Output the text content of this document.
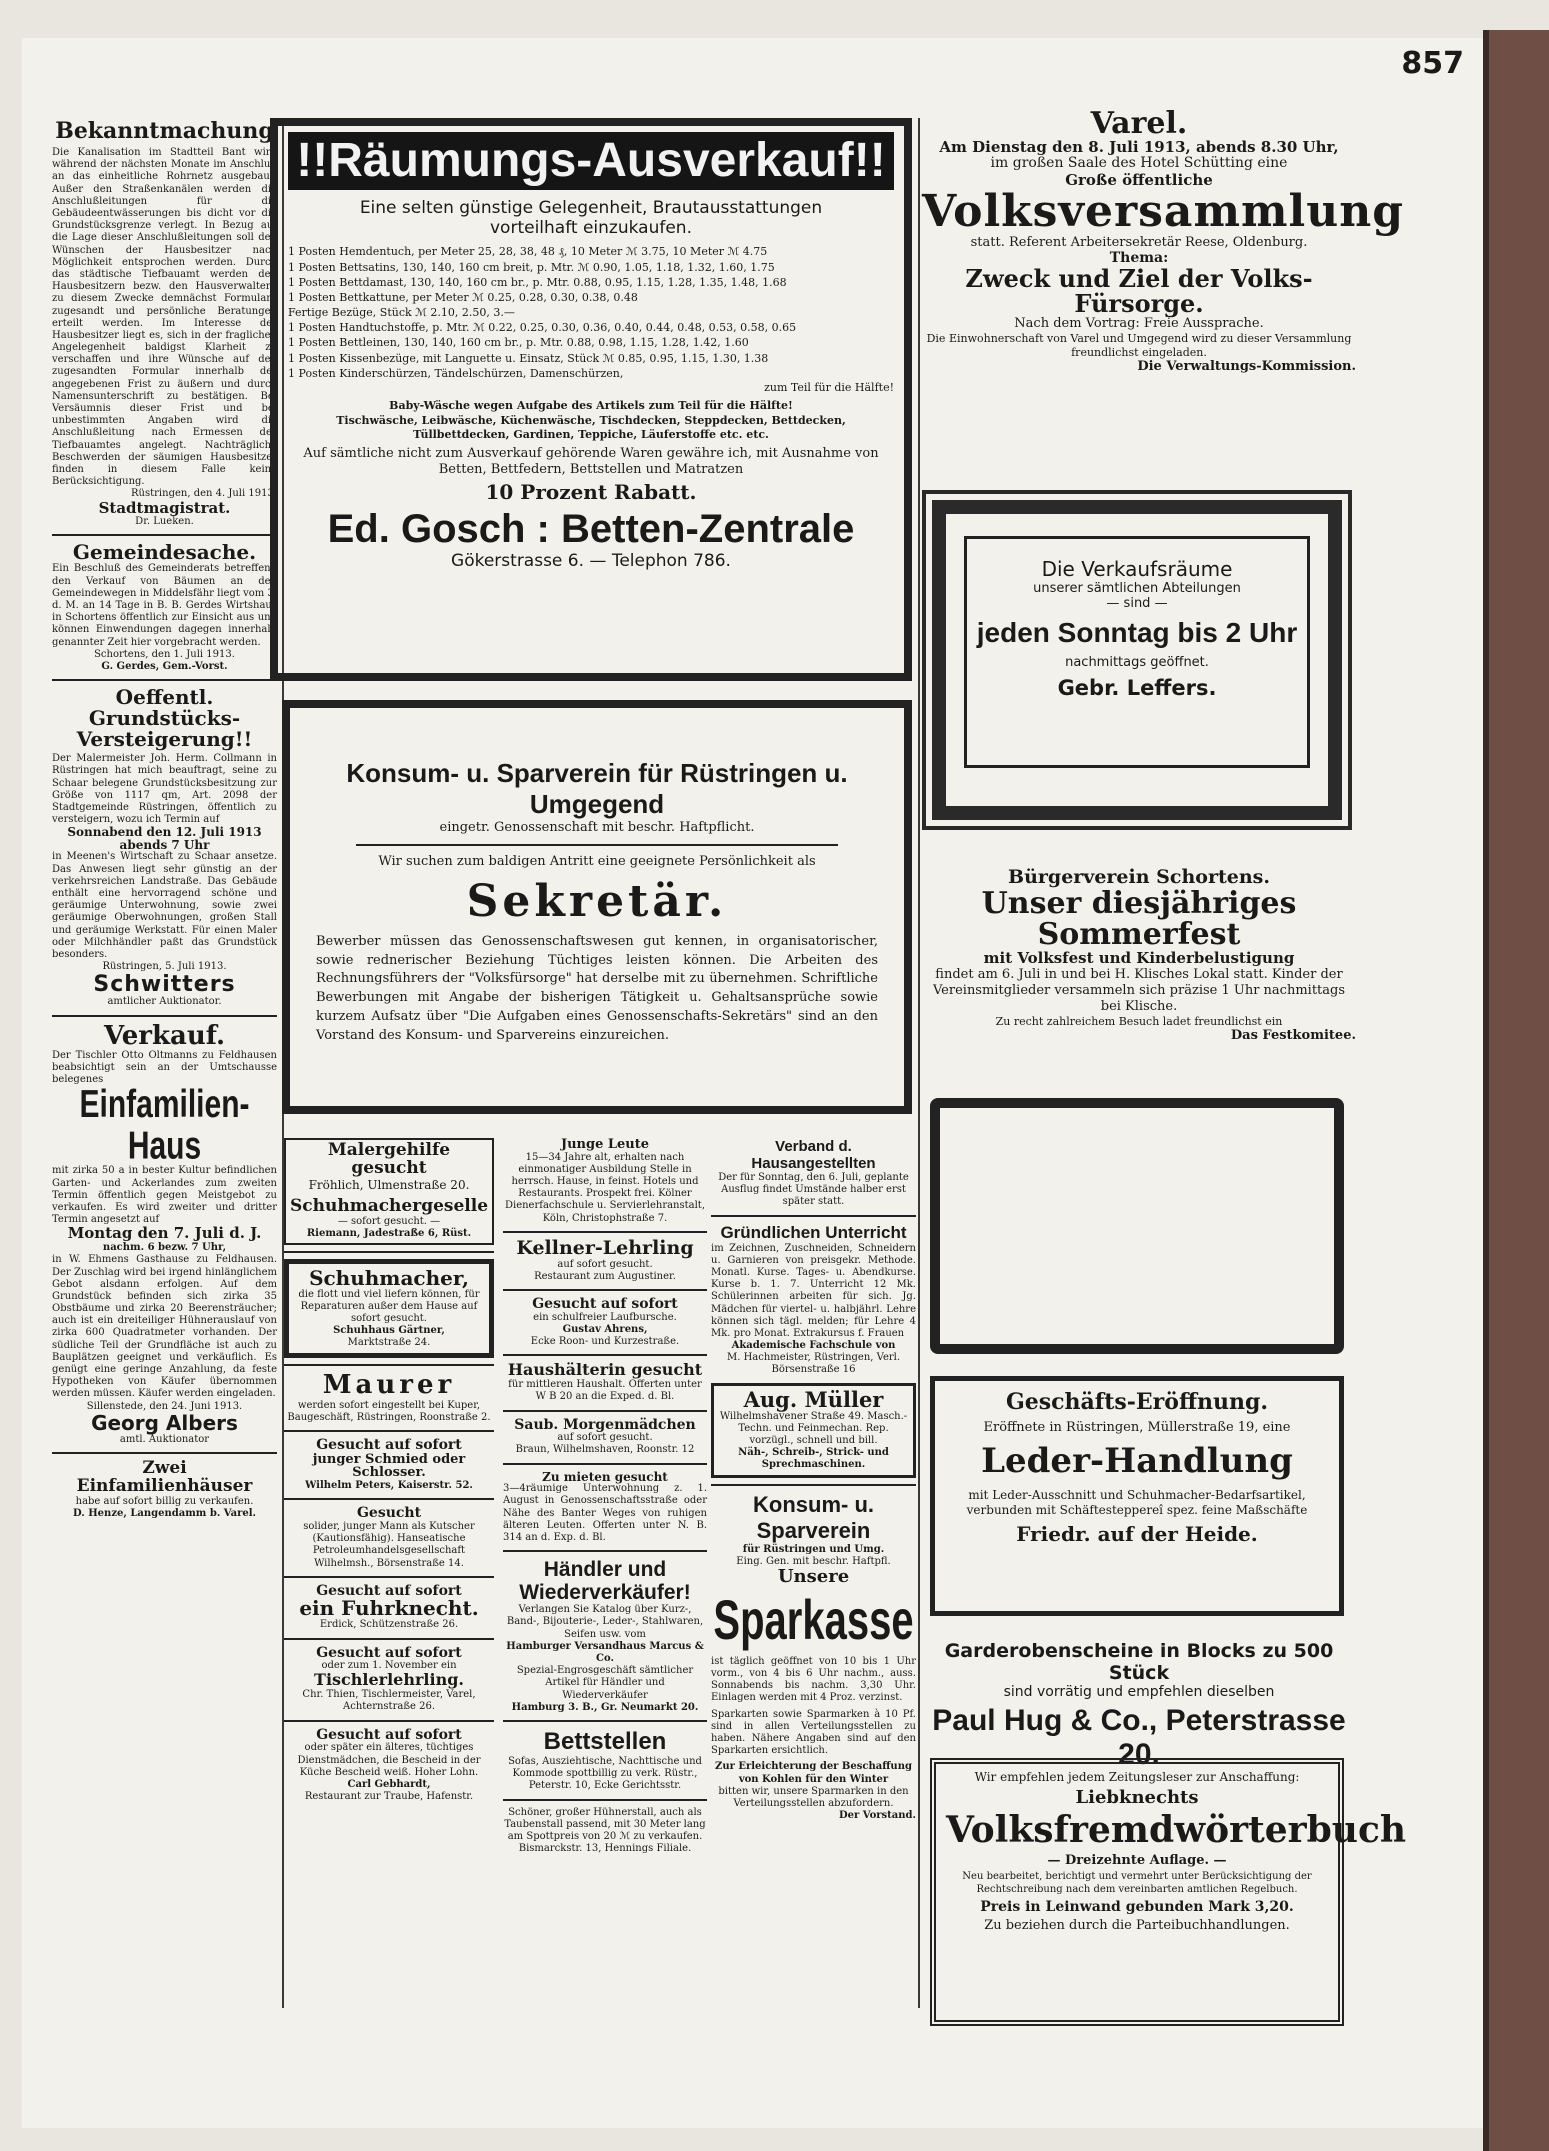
857
Bekanntmachung
Die Kanalisation im Stadtteil Bant wird während der nächsten Monate im Anschluß an das einheitliche Rohrnetz ausgebaut. Außer den Straßenkanälen werden die Anschlußleitungen für die Gebäudeentwässerungen bis dicht vor die Grundstücksgrenze verlegt. In Bezug auf die Lage dieser Anschlußleitungen soll den Wünschen der Hausbesitzer nach Möglichkeit entsprochen werden. Durch das städtische Tiefbauamt werden den Hausbesitzern bezw. den Hausverwaltern zu diesem Zwecke demnächst Formulare zugesandt und persönliche Beratungen erteilt werden. Im Interesse der Hausbesitzer liegt es, sich in der fraglichen Angelegenheit baldigst Klarheit zu verschaffen und ihre Wünsche auf den zugesandten Formular innerhalb der angegebenen Frist zu äußern und durch Namensunterschrift zu bestätigen. Bei Versäumnis dieser Frist und bei unbestimmten Angaben wird die Anschlußleitung nach Ermessen des Tiefbauamtes angelegt. Nachträgliche Beschwerden der säumigen Hausbesitzer finden in diesem Falle keine Berücksichtigung.
Rüstringen, den 4. Juli 1913.
Stadtmagistrat.
Dr. Lueken.
Gemeindesache.
Ein Beschluß des Gemeinderats betreffend den Verkauf von Bäumen an den Gemeindewegen in Middelsfähr liegt vom 3. d. M. an 14 Tage in B. B. Gerdes Wirtshaus in Schortens öffentlich zur Einsicht aus und können Einwendungen dagegen innerhalb genannter Zeit hier vorgebracht werden.
Schortens, den 1. Juli 1913.
G. Gerdes, Gem.-Vorst.
Oeffentl. Grundstücks-Versteigerung!!
Der Malermeister Joh. Herm. Collmann in Rüstringen hat mich beauftragt, seine zu Schaar belegene Grundstücksbesitzung zur Größe von 1117 qm, Art. 2098 der Stadtgemeinde Rüstringen, öffentlich zu versteigern, wozu ich Termin auf
Sonnabend den 12. Juli 1913 abends 7 Uhr
in Meenen's Wirtschaft zu Schaar ansetze. Das Anwesen liegt sehr günstig an der verkehrsreichen Landstraße. Das Gebäude enthält eine hervorragend schöne und geräumige Unterwohnung, sowie zwei geräumige Oberwohnungen, großen Stall und geräumige Werkstatt. Für einen Maler oder Milchhändler paßt das Grundstück besonders.
Rüstringen, 5. Juli 1913.
Schwitters
amtlicher Auktionator.
Verkauf.
Der Tischler Otto Oltmanns zu Feldhausen beabsichtigt sein an der Umtschausse belegenes
Einfamilien-Haus
mit zirka 50 a in bester Kultur befindlichen Garten- und Ackerlandes zum zweiten Termin öffentlich gegen Meistgebot zu verkaufen. Es wird zweiter und dritter Termin angesetzt auf
Montag den 7. Juli d. J.
nachm. 6 bezw. 7 Uhr,
in W. Ehmens Gasthause zu Feldhausen. Der Zuschlag wird bei irgend hinlänglichem Gebot alsdann erfolgen. Auf dem Grundstück befinden sich zirka 35 Obstbäume und zirka 20 Beerensträucher; auch ist ein dreiteiliger Hühnerauslauf von zirka 600 Quadratmeter vorhanden. Der südliche Teil der Grundfläche ist auch zu Bauplätzen geeignet und verkäuflich. Es genügt eine geringe Anzahlung, da feste Hypotheken von Käufer übernommen werden müssen. Käufer werden eingeladen.
Sillenstede, den 24. Juni 1913.
Georg Albers
amtl. Auktionator
Zwei Einfamilienhäuser
habe auf sofort billig zu verkaufen.
D. Henze, Langendamm b. Varel.
!!Räumungs-Ausverkauf!!
Eine selten günstige Gelegenheit, Brautausstattungen vorteilhaft einzukaufen.
1 Posten Hemdentuch, per Meter 25, 28, 38, 48 ₰, 10 Meter ℳ 3.75, 10 Meter ℳ 4.75
1 Posten Bettsatins, 130, 140, 160 cm breit, p. Mtr. ℳ 0.90, 1.05, 1.18, 1.32, 1.60, 1.75
1 Posten Bettdamast, 130, 140, 160 cm br., p. Mtr. 0.88, 0.95, 1.15, 1.28, 1.35, 1.48, 1.68
1 Posten Bettkattune, per Meter ℳ 0.25, 0.28, 0.30, 0.38, 0.48
Fertige Bezüge, Stück ℳ 2.10, 2.50, 3.—
1 Posten Handtuchstoffe, p. Mtr. ℳ 0.22, 0.25, 0.30, 0.36, 0.40, 0.44, 0.48, 0.53, 0.58, 0.65
1 Posten Bettleinen, 130, 140, 160 cm br., p. Mtr. 0.88, 0.98, 1.15, 1.28, 1.42, 1.60
1 Posten Kissenbezüge, mit Languette u. Einsatz, Stück ℳ 0.85, 0.95, 1.15, 1.30, 1.38
1 Posten Kinderschürzen, Tändelschürzen, Damenschürzen,
zum Teil für die Hälfte!
Baby-Wäsche wegen Aufgabe des Artikels zum Teil für die Hälfte!
Tischwäsche, Leibwäsche, Küchenwäsche, Tischdecken, Steppdecken, Bettdecken, Tüllbettdecken, Gardinen, Teppiche, Läuferstoffe etc. etc.
Auf sämtliche nicht zum Ausverkauf gehörende Waren gewähre ich, mit Ausnahme von Betten, Bettfedern, Bettstellen und Matratzen
10 Prozent Rabatt.
Ed. Gosch : Betten-Zentrale
Gökerstrasse 6. — Telephon 786.
Konsum- u. Sparverein für Rüstringen u. Umgegend
eingetr. Genossenschaft mit beschr. Haftpflicht.
Wir suchen zum baldigen Antritt eine geeignete Persönlichkeit als
Sekretär.
Bewerber müssen das Genossenschaftswesen gut kennen, in organisatorischer, sowie rednerischer Beziehung Tüchtiges leisten können. Die Arbeiten des Rechnungsführers der "Volksfürsorge" hat derselbe mit zu übernehmen. Schriftliche Bewerbungen mit Angabe der bisherigen Tätigkeit u. Gehaltsansprüche sowie kurzem Aufsatz über "Die Aufgaben eines Genossenschafts-Sekretärs" sind an den Vorstand des Konsum- und Sparvereins einzureichen.
Malergehilfe gesucht
Fröhlich, Ulmenstraße 20.
Schuhmachergeselle
— sofort gesucht. —
Riemann, Jadestraße 6, Rüst.
Schuhmacher,
die flott und viel liefern können, für Reparaturen außer dem Hause auf sofort gesucht.
Schuhhaus Gärtner,
Marktstraße 24.
Maurer
werden sofort eingestellt bei Kuper, Baugeschäft, Rüstringen, Roonstraße 2.
Gesucht auf sofort
junger Schmied oder Schlosser.
Wilhelm Peters, Kaiserstr. 52.
Gesucht
solider, junger Mann als Kutscher (Kautionsfähig). Hanseatische Petroleumhandelsgesellschaft Wilhelmsh., Börsenstraße 14.
Gesucht auf sofort
ein Fuhrknecht.
Erdick, Schützenstraße 26.
Gesucht auf sofort
oder zum 1. November ein
Tischlerlehrling.
Chr. Thien, Tischlermeister, Varel, Achternstraße 26.
Gesucht auf sofort
oder später ein älteres, tüchtiges Dienstmädchen, die Bescheid in der Küche Bescheid weiß. Hoher Lohn.
Carl Gebhardt,
Restaurant zur Traube, Hafenstr.
Junge Leute
15—34 Jahre alt, erhalten nach einmonatiger Ausbildung Stelle in herrsch. Hause, in feinst. Hotels und Restaurants. Prospekt frei. Kölner Dienerfachschule u. Servierlehranstalt, Köln, Christophstraße 7.
Kellner-Lehrling
auf sofort gesucht.
Restaurant zum Augustiner.
Gesucht auf sofort
ein schulfreier Laufbursche.
Gustav Ahrens,
Ecke Roon- und Kurzestraße.
Haushälterin gesucht
für mittleren Haushalt. Offerten unter W B 20 an die Exped. d. Bl.
Saub. Morgenmädchen
auf sofort gesucht.
Braun, Wilhelmshaven, Roonstr. 12
Zu mieten gesucht
3—4räumige Unterwohnung z. 1. August in Genossenschaftsstraße oder Nähe des Banter Weges von ruhigen älteren Leuten. Offerten unter N. B. 314 an d. Exp. d. Bl.
Händler und Wiederverkäufer!
Verlangen Sie Katalog über Kurz-, Band-, Bijouterie-, Leder-, Stahlwaren, Seifen usw. vom
Hamburger Versandhaus Marcus & Co.
Spezial-Engrosgeschäft sämtlicher Artikel für Händler und Wiederverkäufer
Hamburg 3. B., Gr. Neumarkt 20.
Bettstellen
Sofas, Ausziehtische, Nachttische und Kommode spottbillig zu verk. Rüstr., Peterstr. 10, Ecke Gerichtsstr.
Schöner, großer Hühnerstall, auch als Taubenstall passend, mit 30 Meter lang am Spottpreis von 20 ℳ zu verkaufen. Bismarckstr. 13, Hennings Filiale.
Verband d. Hausangestellten
Der für Sonntag, den 6. Juli, geplante Ausflug findet Umstände halber erst später statt.
Gründlichen Unterricht
im Zeichnen, Zuschneiden, Schneidern u. Garnieren von preisgekr. Methode. Monatl. Kurse. Tages- u. Abendkurse. Kurse b. 1. 7. Unterricht 12 Mk. Schülerinnen arbeiten für sich. Jg. Mädchen für viertel- u. halbjährl. Lehre können sich tägl. melden; für Lehre 4 Mk. pro Monat. Extrakursus f. Frauen
Akademische Fachschule von
M. Hachmeister, Rüstringen, Verl. Börsenstraße 16
Aug. Müller
Wilhelmshavener Straße 49. Masch.-Techn. und Feinmechan. Rep. vorzügl., schnell und bill.
Näh-, Schreib-, Strick- und Sprechmaschinen.
Konsum- u. Sparverein
für Rüstringen und Umg.
Eing. Gen. mit beschr. Haftpfl.
Unsere
Sparkasse
ist täglich geöffnet von 10 bis 1 Uhr vorm., von 4 bis 6 Uhr nachm., auss. Sonnabends bis nachm. 3,30 Uhr. Einlagen werden mit 4 Proz. verzinst.
Sparkarten sowie Sparmarken à 10 Pf. sind in allen Verteilungsstellen zu haben. Nähere Angaben sind auf den Sparkarten ersichtlich.
Zur Erleichterung der Beschaffung von Kohlen für den Winter
bitten wir, unsere Sparmarken in den Verteilungsstellen abzufordern.
Der Vorstand.
Varel.
Am Dienstag den 8. Juli 1913, abends 8.30 Uhr,
im großen Saale des Hotel Schütting eine
Große öffentliche
Volksversammlung
statt. Referent Arbeitersekretär Reese, Oldenburg.
Thema:
Zweck und Ziel der Volks-Fürsorge.
Nach dem Vortrag: Freie Aussprache.
Die Einwohnerschaft von Varel und Umgegend wird zu dieser Versammlung freundlichst eingeladen.
Die Verwaltungs-Kommission.
Die Verkaufsräume
unserer sämtlichen Abteilungen
— sind —
jeden Sonntag bis 2 Uhr
nachmittags geöffnet.
Gebr. Leffers.
Bürgerverein Schortens.
Unser diesjähriges Sommerfest
mit Volksfest und Kinderbelustigung
findet am 6. Juli in und bei H. Klisches Lokal statt. Kinder der Vereinsmitglieder versammeln sich präzise 1 Uhr nachmittags bei Klische.
Zu recht zahlreichem Besuch ladet freundlichst ein
Das Festkomitee.
Geschäfts-Eröffnung.
Eröffnete in Rüstringen, Müllerstraße 19, eine
Leder-Handlung
mit Leder-Ausschnitt und Schuhmacher-Bedarfsartikel, verbunden mit Schäftesteppereî spez. feine Maßschäfte
Friedr. auf der Heide.
Garderobenscheine in Blocks zu 500 Stück
sind vorrätig und empfehlen dieselben
Paul Hug & Co., Peterstrasse 20.
Wir empfehlen jedem Zeitungsleser zur Anschaffung:
Liebknechts
Volksfremdwörterbuch
— Dreizehnte Auflage. —
Neu bearbeitet, berichtigt und vermehrt unter Berücksichtigung der Rechtschreibung nach dem vereinbarten amtlichen Regelbuch.
Preis in Leinwand gebunden Mark 3,20.
Zu beziehen durch die Parteibuchhandlungen.
